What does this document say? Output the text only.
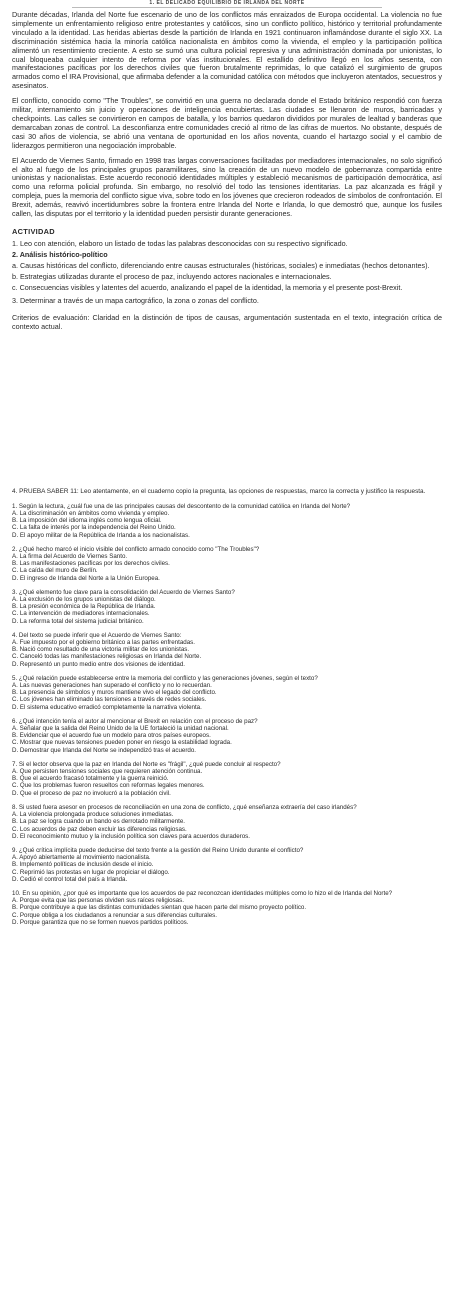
1. EL DELICADO EQUILIBRIO DE IRLANDA DEL NORTE

Durante décadas, Irlanda del Norte fue escenario de uno de los conflictos más enraizados de Europa occidental. La violencia no fue simplemente un enfrentamiento religioso entre protestantes y católicos, sino un conflicto político, histórico y territorial profundamente vinculado a la identidad. Las heridas abiertas desde la partición de Irlanda en 1921 continuaron inflamándose durante el siglo XX. La discriminación sistémica hacia la minoría católica nacionalista en ámbitos como la vivienda, el empleo y la participación política alimentó un resentimiento creciente. A esto se sumó una cultura policial represiva y una administración dominada por unionistas, lo cual bloqueaba cualquier intento de reforma por vías institucionales. El estallido definitivo llegó en los años sesenta, con manifestaciones pacíficas por los derechos civiles que fueron brutalmente reprimidas, lo que catalizó el surgimiento de grupos armados como el IRA Provisional, que afirmaba defender a la comunidad católica con métodos que incluyeron atentados, secuestros y asesinatos.

El conflicto, conocido como "The Troubles", se convirtió en una guerra no declarada donde el Estado británico respondió con fuerza militar, internamiento sin juicio y operaciones de inteligencia encubiertas. Las ciudades se llenaron de muros, barricadas y checkpoints. Las calles se convirtieron en campos de batalla, y los barrios quedaron divididos por murales de lealtad y banderas que demarcaban zonas de control. La desconfianza entre comunidades creció al ritmo de las cifras de muertos. No obstante, después de casi 30 años de violencia, se abrió una ventana de oportunidad en los años noventa, cuando el hartazgo social y el cambio de liderazgos permitieron una negociación improbable.

El Acuerdo de Viernes Santo, firmado en 1998 tras largas conversaciones facilitadas por mediadores internacionales, no solo significó el alto al fuego de los principales grupos paramilitares, sino la creación de un nuevo modelo de gobernanza compartida entre unionistas y nacionalistas. Este acuerdo reconoció identidades múltiples y estableció mecanismos de participación democrática, así como una reforma policial profunda. Sin embargo, no resolvió del todo las tensiones identitarias. La paz alcanzada es frágil y compleja, pues la memoria del conflicto sigue viva, sobre todo en los jóvenes que crecieron rodeados de símbolos de confrontación. El Brexit, además, reavivó incertidumbres sobre la frontera entre Irlanda del Norte e Irlanda, lo que demostró que, aunque los fusiles callen, las disputas por el territorio y la identidad pueden persistir durante generaciones.

ACTIVIDAD
1. Leo con atención, elaboro un listado de todas las palabras desconocidas con su respectivo significado.
2. Análisis histórico-político
a. Causas históricas del conflicto, diferenciando entre causas estructurales (históricas, sociales) e inmediatas (hechos detonantes).
b. Estrategias utilizadas durante el proceso de paz, incluyendo actores nacionales e internacionales.
c. Consecuencias visibles y latentes del acuerdo, analizando el papel de la identidad, la memoria y el presente post-Brexit.
3. Determinar a través de un mapa cartográfico, la zona o zonas del conflicto.

Criterios de evaluación: Claridad en la distinción de tipos de causas, argumentación sustentada en el texto, integración crítica de contexto actual.

4. PRUEBA SABER 11: Leo atentamente, en el cuaderno copio la pregunta, las opciones de respuestas, marco la correcta y justifico la respuesta.
1. Según la lectura, ¿cuál fue una de las principales causas del descontento de la comunidad católica en Irlanda del Norte?
A. La discriminación en ámbitos como vivienda y empleo.
B. La imposición del idioma inglés como lengua oficial.
C. La falta de interés por la independencia del Reino Unido.
D. El apoyo militar de la República de Irlanda a los nacionalistas.
2. ¿Qué hecho marcó el inicio visible del conflicto armado conocido como "The Troubles"?
A. La firma del Acuerdo de Viernes Santo.
B. Las manifestaciones pacíficas por los derechos civiles.
C. La caída del muro de Berlín.
D. El ingreso de Irlanda del Norte a la Unión Europea.
3. ¿Qué elemento fue clave para la consolidación del Acuerdo de Viernes Santo?
A. La exclusión de los grupos unionistas del diálogo.
B. La presión económica de la República de Irlanda.
C. La intervención de mediadores internacionales.
D. La reforma total del sistema judicial británico.
4. Del texto se puede inferir que el Acuerdo de Viernes Santo:
A. Fue impuesto por el gobierno británico a las partes enfrentadas.
B. Nació como resultado de una victoria militar de los unionistas.
C. Canceló todas las manifestaciones religiosas en Irlanda del Norte.
D. Representó un punto medio entre dos visiones de identidad.
5. ¿Qué relación puede establecerse entre la memoria del conflicto y las generaciones jóvenes, según el texto?
A. Las nuevas generaciones han superado el conflicto y no lo recuerdan.
B. La presencia de símbolos y muros mantiene vivo el legado del conflicto.
C. Los jóvenes han eliminado las tensiones a través de redes sociales.
D. El sistema educativo erradicó completamente la narrativa violenta.
6. ¿Qué intención tenía el autor al mencionar el Brexit en relación con el proceso de paz?
A. Señalar que la salida del Reino Unido de la UE fortaleció la unidad nacional.
B. Evidenciar que el acuerdo fue un modelo para otros países europeos.
C. Mostrar que nuevas tensiones pueden poner en riesgo la estabilidad lograda.
D. Demostrar que Irlanda del Norte se independizó tras el acuerdo.
7. Si el lector observa que la paz en Irlanda del Norte es "frágil", ¿qué puede concluir al respecto?
A. Que persisten tensiones sociales que requieren atención continua.
B. Que el acuerdo fracasó totalmente y la guerra reinició.
C. Que los problemas fueron resueltos con reformas legales menores.
D. Que el proceso de paz no involucró a la población civil.
8. Si usted fuera asesor en procesos de reconciliación en una zona de conflicto, ¿qué enseñanza extraería del caso irlandés?
A. La violencia prolongada produce soluciones inmediatas.
B. La paz se logra cuando un bando es derrotado militarmente.
C. Los acuerdos de paz deben excluir las diferencias religiosas.
D. El reconocimiento mutuo y la inclusión política son claves para acuerdos duraderos.
9. ¿Qué crítica implícita puede deducirse del texto frente a la gestión del Reino Unido durante el conflicto?
A. Apoyó abiertamente al movimiento nacionalista.
B. Implementó políticas de inclusión desde el inicio.
C. Reprimió las protestas en lugar de propiciar el diálogo.
D. Cedió el control total del país a Irlanda.
10. En su opinión, ¿por qué es importante que los acuerdos de paz reconozcan identidades múltiples como lo hizo el de Irlanda del Norte?
A. Porque evita que las personas olviden sus raíces religiosas.
B. Porque contribuye a que las distintas comunidades sientan que hacen parte del mismo proyecto político.
C. Porque obliga a los ciudadanos a renunciar a sus diferencias culturales.
D. Porque garantiza que no se formen nuevos partidos políticos.
